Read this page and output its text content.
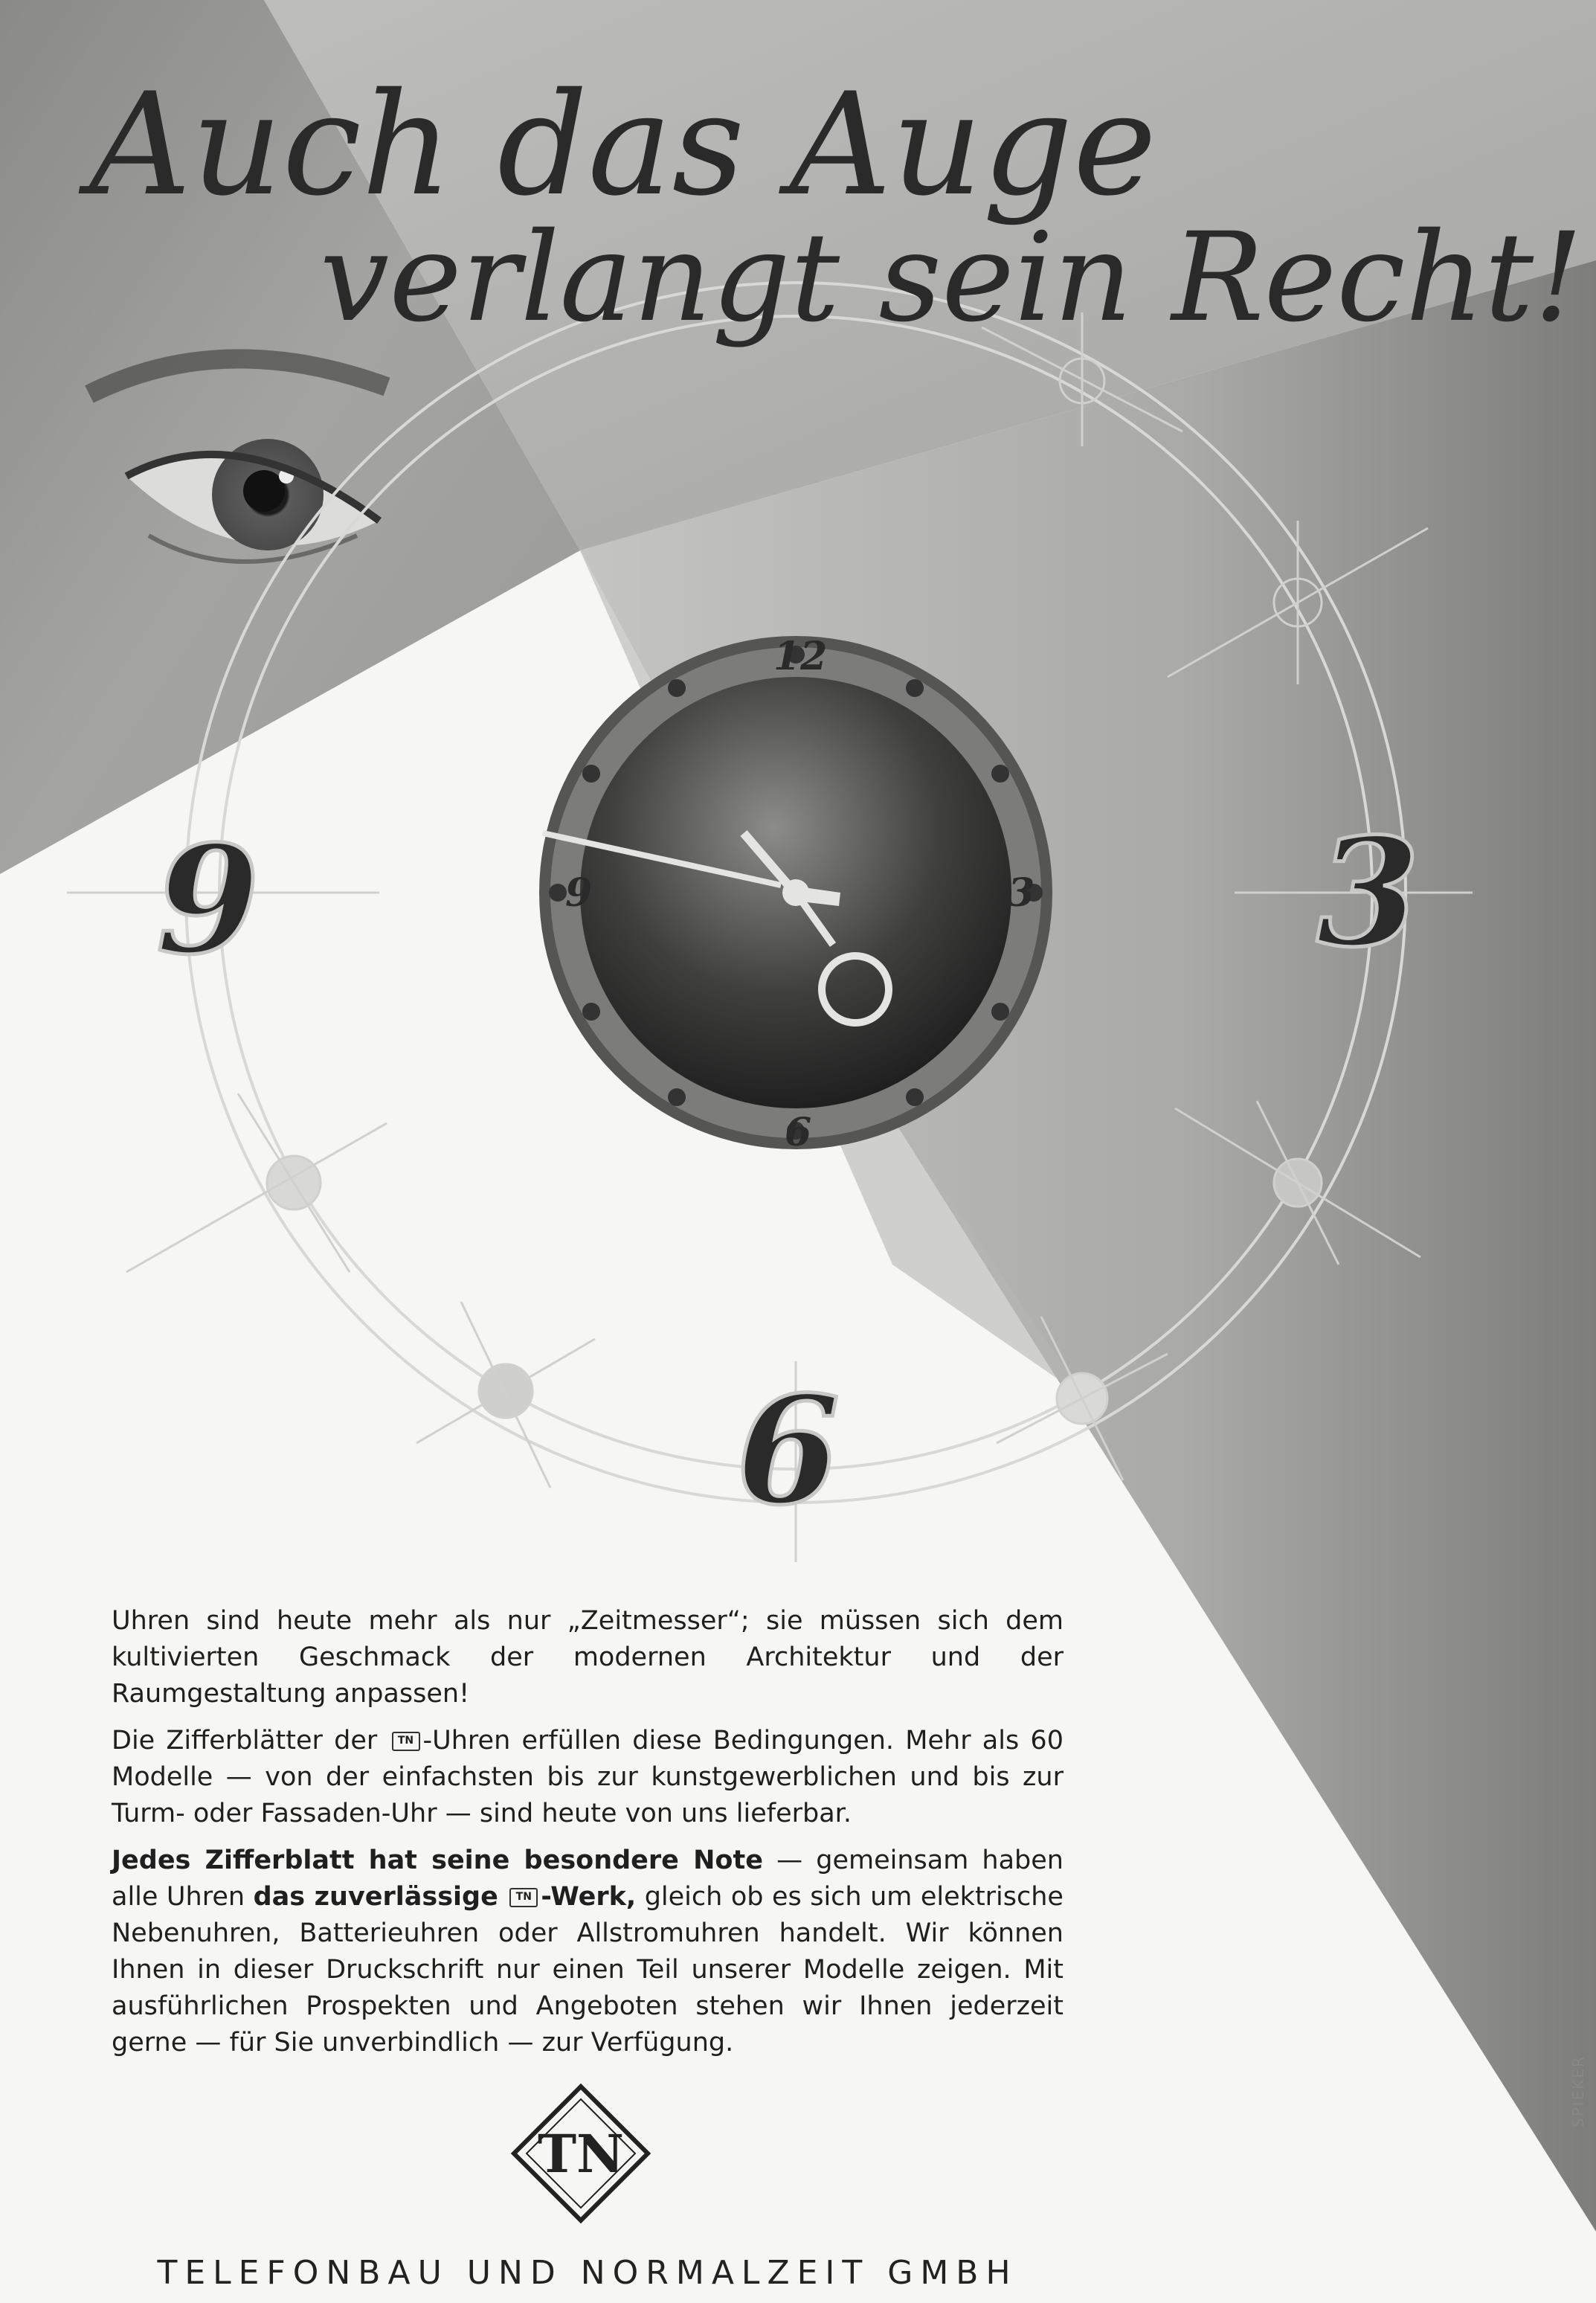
3
6
9
12
3
6
9
Auch das Auge
verlangt sein Recht!

Uhren sind heute mehr als nur „Zeitmesser“; sie müssen sich dem kultivierten Geschmack der modernen Architektur und der Raumgestaltung anpassen!

Die Zifferblätter der TN -Uhren erfüllen diese Bedingungen. Mehr als 60 Modelle — von der einfachsten bis zur kunstgewerblichen und bis zur Turm- oder Fassaden-Uhr — sind heute von uns lieferbar.

Jedes Zifferblatt hat seine besondere Note — gemeinsam haben alle Uhren das zuverlässige TN -Werk, gleich ob es sich um elektrische Nebenuhren, Batterieuhren oder Allstromuhren handelt. Wir können Ihnen in dieser Druckschrift nur einen Teil unserer Modelle zeigen. Mit ausführlichen Prospekten und Angeboten stehen wir Ihnen jederzeit gerne — für Sie unverbindlich — zur Verfügung.

TN
TELEFONBAU UND NORMALZEIT GMBH
SPIEKER
